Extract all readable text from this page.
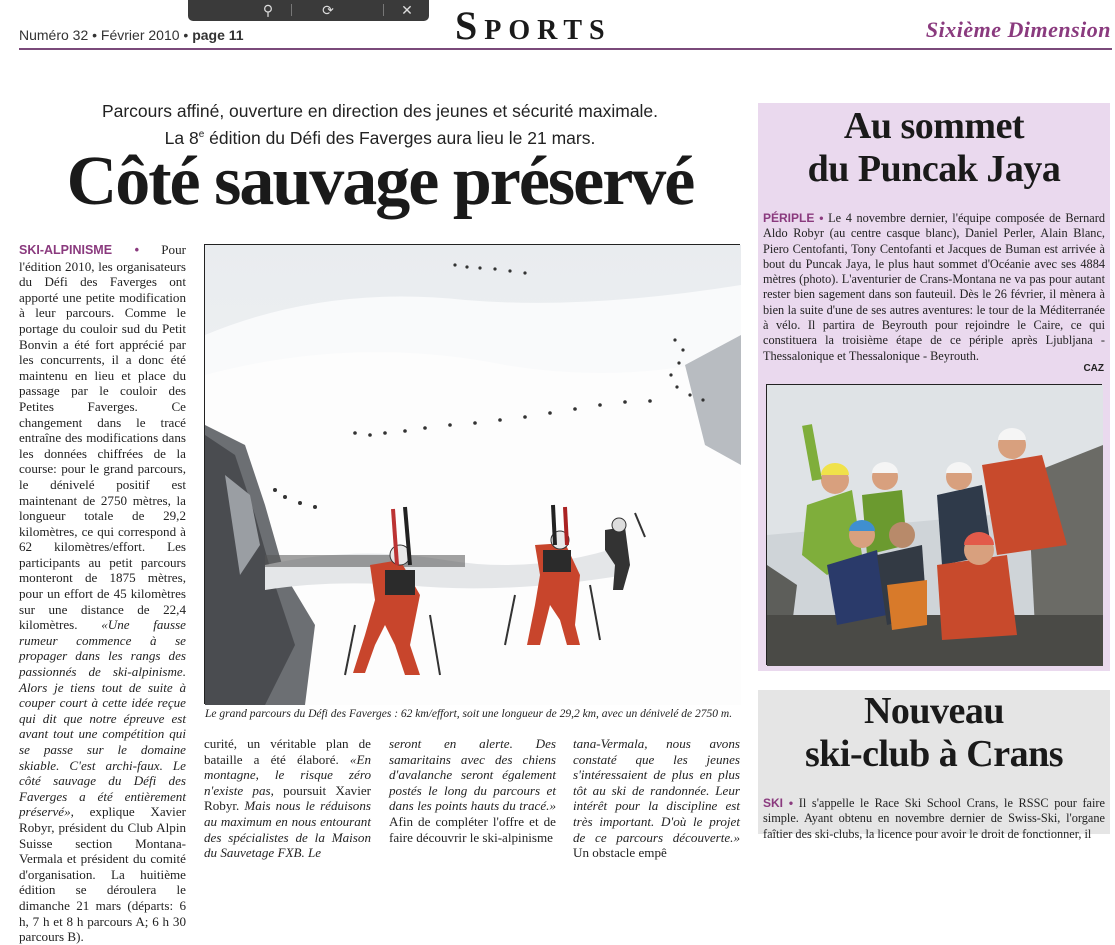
⚲	⟳	✕
Numéro 32 • Février 2010 • page 11	Sports	Sixième Dimension
Parcours affiné, ouverture en direction des jeunes et sécurité maximale.
La 8e édition du Défi des Faverges aura lieu le 21 mars.
Côté sauvage préservé
SKI-ALPINISME • Pour l'édition 2010, les organisateurs du Défi des Faverges ont apporté une petite modification à leur parcours. Comme le portage du couloir sud du Petit Bonvin a été fort apprécié par les concurrents, il a donc été maintenu en lieu et place du passage par le couloir des Petites Faverges. Ce changement dans le tracé entraîne des modifications dans les données chiffrées de la course: pour le grand parcours, le dénivelé positif est maintenant de 2750 mètres, la longueur totale de 29,2 kilomètres, ce qui correspond à 62 kilomètres/effort. Les participants au petit parcours monteront de 1875 mètres, pour un effort de 45 kilomètres sur une distance de 22,4 kilomètres. «Une fausse rumeur commence à se propager dans les rangs des passionnés de ski-alpinisme. Alors je tiens tout de suite à couper court à cette idée reçue qui dit que notre épreuve est avant tout une compétition qui se passe sur le domaine skiable. C'est archi-faux. Le côté sauvage du Défi des Faverges a été entièrement préservé», explique Xavier Robyr, président du Club Alpin Suisse section Montana-Vermala et président du comité d'organisation. La huitième édition se déroulera le dimanche 21 mars (départs: 6 h, 7 h et 8 h parcours A; 6 h 30 parcours B).
Le grand parcours du Défi des Faverges : 62 km/effort, soit une longueur de 29,2 km, avec un dénivelé de 2750 m.
curité, un véritable plan de bataille a été élaboré. «En montagne, le risque zéro n'existe pas, poursuit Xavier Robyr. Mais nous le réduisons au maximum en nous entourant des spécialistes de la Maison du Sauvetage FXB. Le
seront en alerte. Des samaritains avec des chiens d'avalanche seront également postés le long du parcours et dans les points hauts du tracé.» Afin de compléter l'offre et de faire découvrir le ski-alpinisme
tana-Vermala, nous avons constaté que les jeunes s'intéressaient de plus en plus tôt au ski de randonnée. Leur intérêt pour la discipline est très important. D'où le projet de ce parcours découverte.» Un obstacle empê
Au sommet
du Puncak Jaya
PÉRIPLE • Le 4 novembre dernier, l'équipe composée de Bernard Aldo Robyr (au centre casque blanc), Daniel Perler, Alain Blanc, Piero Centofanti, Tony Centofanti et Jacques de Buman est arrivée à bout du Puncak Jaya, le plus haut sommet d'Océanie avec ses 4884 mètres (photo). L'aventurier de Crans-Montana ne va pas pour autant rester bien sagement dans son fauteuil. Dès le 26 février, il mènera à bien la suite d'une de ses autres aventures: le tour de la Méditerranée à vélo. Il partira de Beyrouth pour rejoindre le Caire, ce qui constituera la troisième étape de ce périple après Ljubljana - Thessalonique et Thessalonique - Beyrouth.
CAZ
Nouveau
ski-club à Crans
SKI • Il s'appelle le Race Ski School Crans, le RSSC pour faire simple. Ayant obtenu en novembre dernier de Swiss-Ski, l'organe faîtier des ski-clubs, la licence pour avoir le droit de fonctionner, il
